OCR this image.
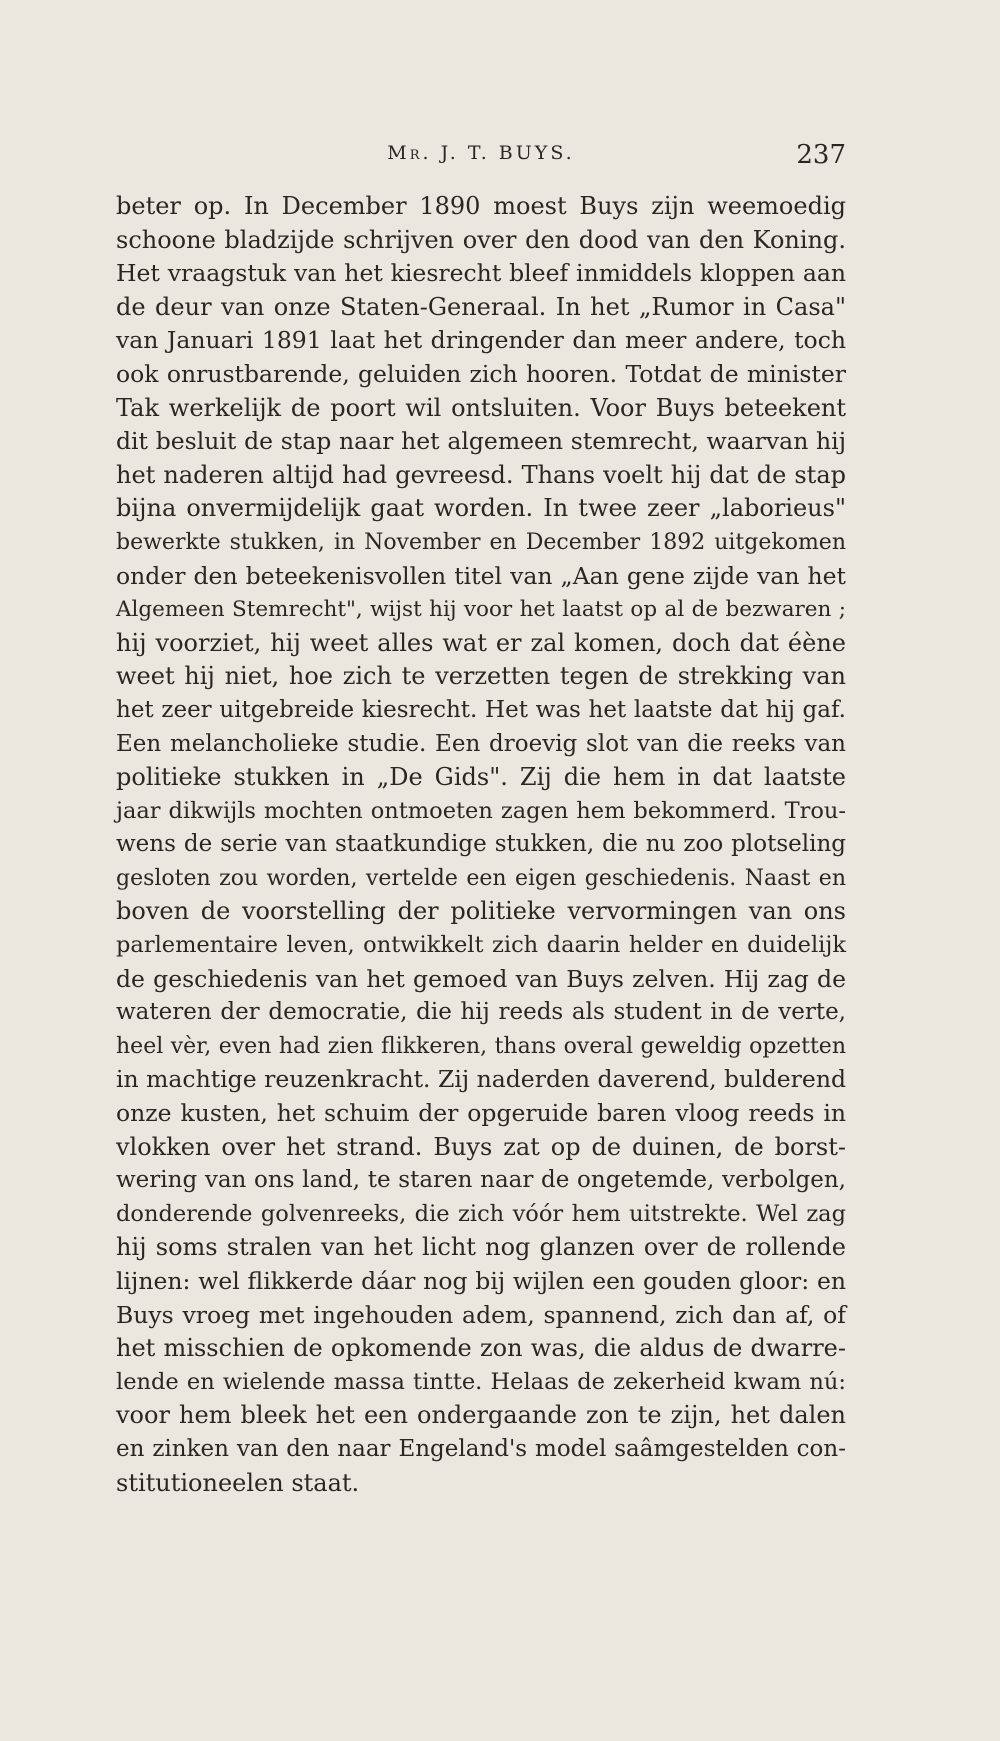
Mr. J. T. BUYS.	237
beter op. In December 1890 moest Buys zijn weemoedig
schoone bladzijde schrijven over den dood van den Koning.
Het vraagstuk van het kiesrecht bleef inmiddels kloppen aan
de deur van onze Staten-Generaal. In het „Rumor in Casa"
van Januari 1891 laat het dringender dan meer andere, toch
ook onrustbarende, geluiden zich hooren. Totdat de minister
Tak werkelijk de poort wil ontsluiten. Voor Buys beteekent
dit besluit de stap naar het algemeen stemrecht, waarvan hij
het naderen altijd had gevreesd. Thans voelt hij dat de stap
bijna onvermijdelijk gaat worden. In twee zeer „laborieus"
bewerkte stukken, in November en December 1892 uitgekomen
onder den beteekenisvollen titel van „Aan gene zijde van het
Algemeen Stemrecht", wijst hij voor het laatst op al de bezwaren ;
hij voorziet, hij weet alles wat er zal komen, doch dat éène
weet hij niet, hoe zich te verzetten tegen de strekking van
het zeer uitgebreide kiesrecht. Het was het laatste dat hij gaf.
Een melancholieke studie. Een droevig slot van die reeks van
politieke stukken in „De Gids". Zij die hem in dat laatste
jaar dikwijls mochten ontmoeten zagen hem bekommerd. Trou-
wens de serie van staatkundige stukken, die nu zoo plotseling
gesloten zou worden, vertelde een eigen geschiedenis. Naast en
boven de voorstelling der politieke vervormingen van ons
parlementaire leven, ontwikkelt zich daarin helder en duidelijk
de geschiedenis van het gemoed van Buys zelven. Hij zag de
wateren der democratie, die hij reeds als student in de verte,
heel vèr, even had zien flikkeren, thans overal geweldig opzetten
in machtige reuzenkracht. Zij naderden daverend, bulderend
onze kusten, het schuim der opgeruide baren vloog reeds in
vlokken over het strand. Buys zat op de duinen, de borst-
wering van ons land, te staren naar de ongetemde, verbolgen,
donderende golvenreeks, die zich vóór hem uitstrekte. Wel zag
hij soms stralen van het licht nog glanzen over de rollende
lijnen: wel flikkerde dáar nog bij wijlen een gouden gloor: en
Buys vroeg met ingehouden adem, spannend, zich dan af, of
het misschien de opkomende zon was, die aldus de dwarre-
lende en wielende massa tintte. Helaas de zekerheid kwam nú:
voor hem bleek het een ondergaande zon te zijn, het dalen
en zinken van den naar Engeland's model saâmgestelden con-
stitutioneelen staat.
